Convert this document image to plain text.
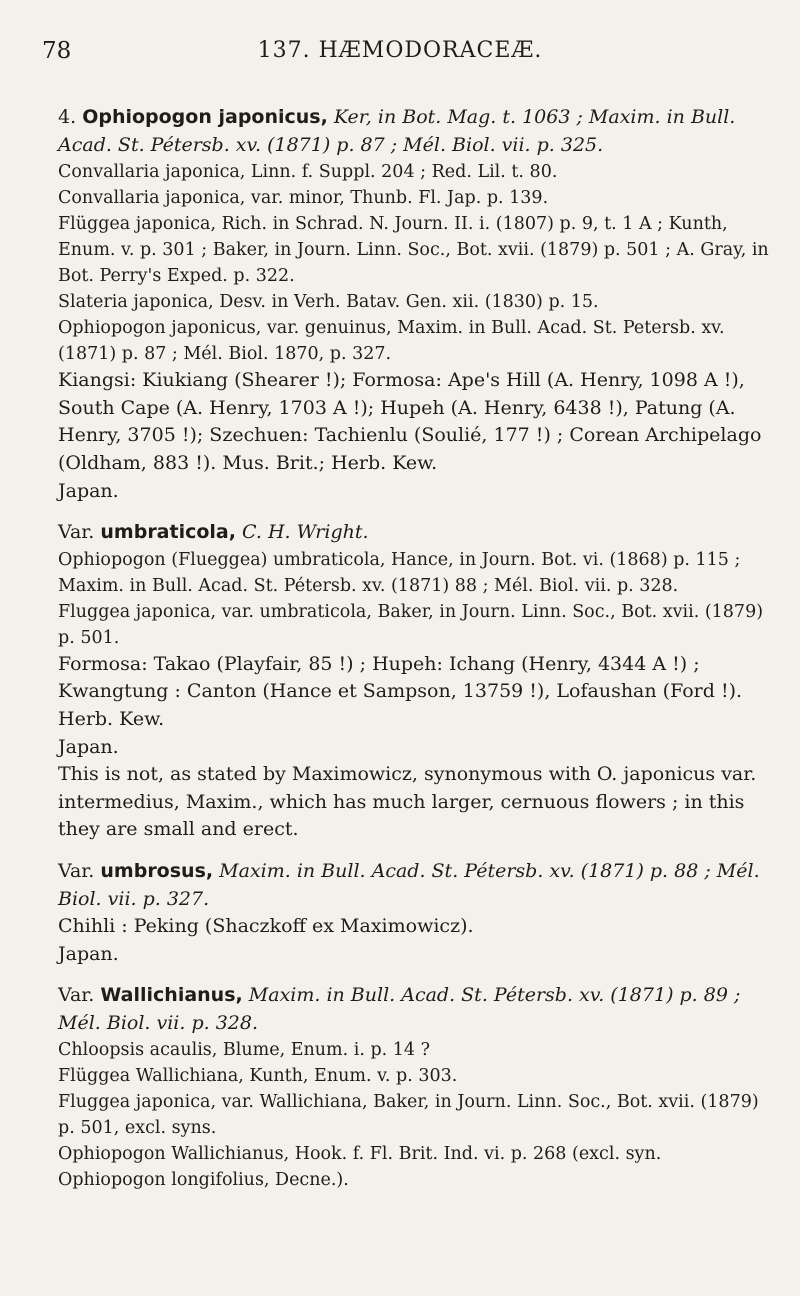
78	137. HÆMODORACEÆ.

4. Ophiopogon japonicus, Ker, in Bot. Mag. t. 1063 ; Maxim. in Bull. Acad. St. Pétersb. xv. (1871) p. 87 ; Mél. Biol. vii. p. 325.

Convallaria japonica, Linn. f. Suppl. 204 ; Red. Lil. t. 80.

Convallaria japonica, var. minor, Thunb. Fl. Jap. p. 139.

Flüggea japonica, Rich. in Schrad. N. Journ. II. i. (1807) p. 9, t. 1 A ; Kunth, Enum. v. p. 301 ; Baker, in Journ. Linn. Soc., Bot. xvii. (1879) p. 501 ; A. Gray, in Bot. Perry's Exped. p. 322.

Slateria japonica, Desv. in Verh. Batav. Gen. xii. (1830) p. 15.

Ophiopogon japonicus, var. genuinus, Maxim. in Bull. Acad. St. Petersb. xv. (1871) p. 87 ; Mél. Biol. 1870, p. 327.

Kiangsi: Kiukiang (Shearer !); Formosa: Ape's Hill (A. Henry, 1098 A !), South Cape (A. Henry, 1703 A !); Hupeh (A. Henry, 6438 !), Patung (A. Henry, 3705 !); Szechuen: Tachienlu (Soulié, 177 !) ; Corean Archipelago (Oldham, 883 !). Mus. Brit.; Herb. Kew.

Japan.

Var. umbraticola, C. H. Wright.

Ophiopogon (Flueggea) umbraticola, Hance, in Journ. Bot. vi. (1868) p. 115 ; Maxim. in Bull. Acad. St. Pétersb. xv. (1871) 88 ; Mél. Biol. vii. p. 328.

Fluggea japonica, var. umbraticola, Baker, in Journ. Linn. Soc., Bot. xvii. (1879) p. 501.

Formosa: Takao (Playfair, 85 !) ; Hupeh: Ichang (Henry, 4344 A !) ; Kwangtung : Canton (Hance et Sampson, 13759 !), Lofaushan (Ford !). Herb. Kew.

Japan.

This is not, as stated by Maximowicz, synonymous with O. japonicus var. intermedius, Maxim., which has much larger, cernuous flowers ; in this they are small and erect.

Var. umbrosus, Maxim. in Bull. Acad. St. Pétersb. xv. (1871) p. 88 ; Mél. Biol. vii. p. 327.

Chihli : Peking (Shaczkoff ex Maximowicz).

Japan.

Var. Wallichianus, Maxim. in Bull. Acad. St. Pétersb. xv. (1871) p. 89 ; Mél. Biol. vii. p. 328.

Chloopsis acaulis, Blume, Enum. i. p. 14 ?

Flüggea Wallichiana, Kunth, Enum. v. p. 303.

Fluggea japonica, var. Wallichiana, Baker, in Journ. Linn. Soc., Bot. xvii. (1879) p. 501, excl. syns.

Ophiopogon Wallichianus, Hook. f. Fl. Brit. Ind. vi. p. 268 (excl. syn. Ophiopogon longifolius, Decne.).
